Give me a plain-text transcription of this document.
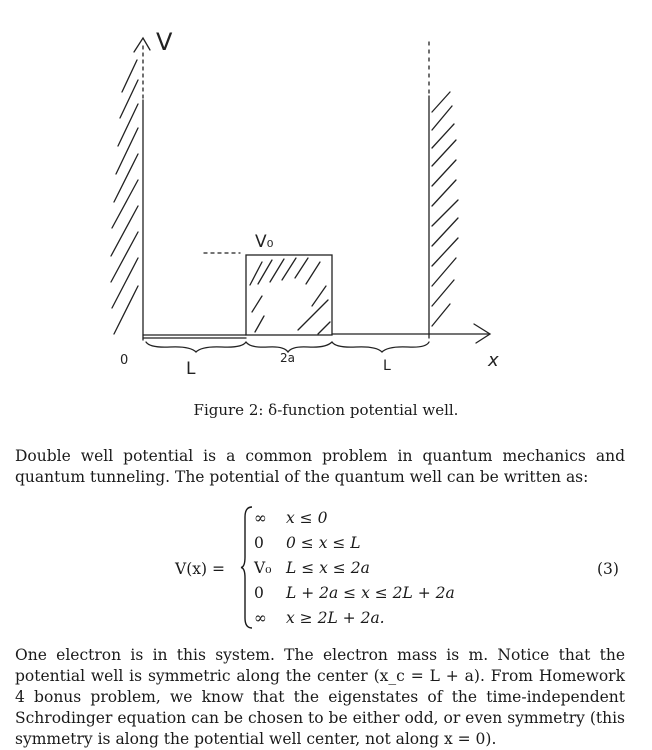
V
V₀
0	L
2a	L	x
Figure 2: δ-function potential well.
Double well potential is a common problem in quantum mechanics and quantum tunneling. The potential of the quantum well can be written as:
V(x) =
∞ x ≤ 0
0 0 ≤ x ≤ L
V₀ L ≤ x ≤ 2a
0 L + 2a ≤ x ≤ 2L + 2a
∞ x ≥ 2L + 2a.
(3)
One electron is in this system. The electron mass is m. Notice that the potential well is symmetric along the center (x_c = L + a). From Homework 4 bonus problem, we know that the eigenstates of the time-independent Schrodinger equation can be chosen to be either odd, or even symmetry (this symmetry is along the potential well center, not along x = 0).
